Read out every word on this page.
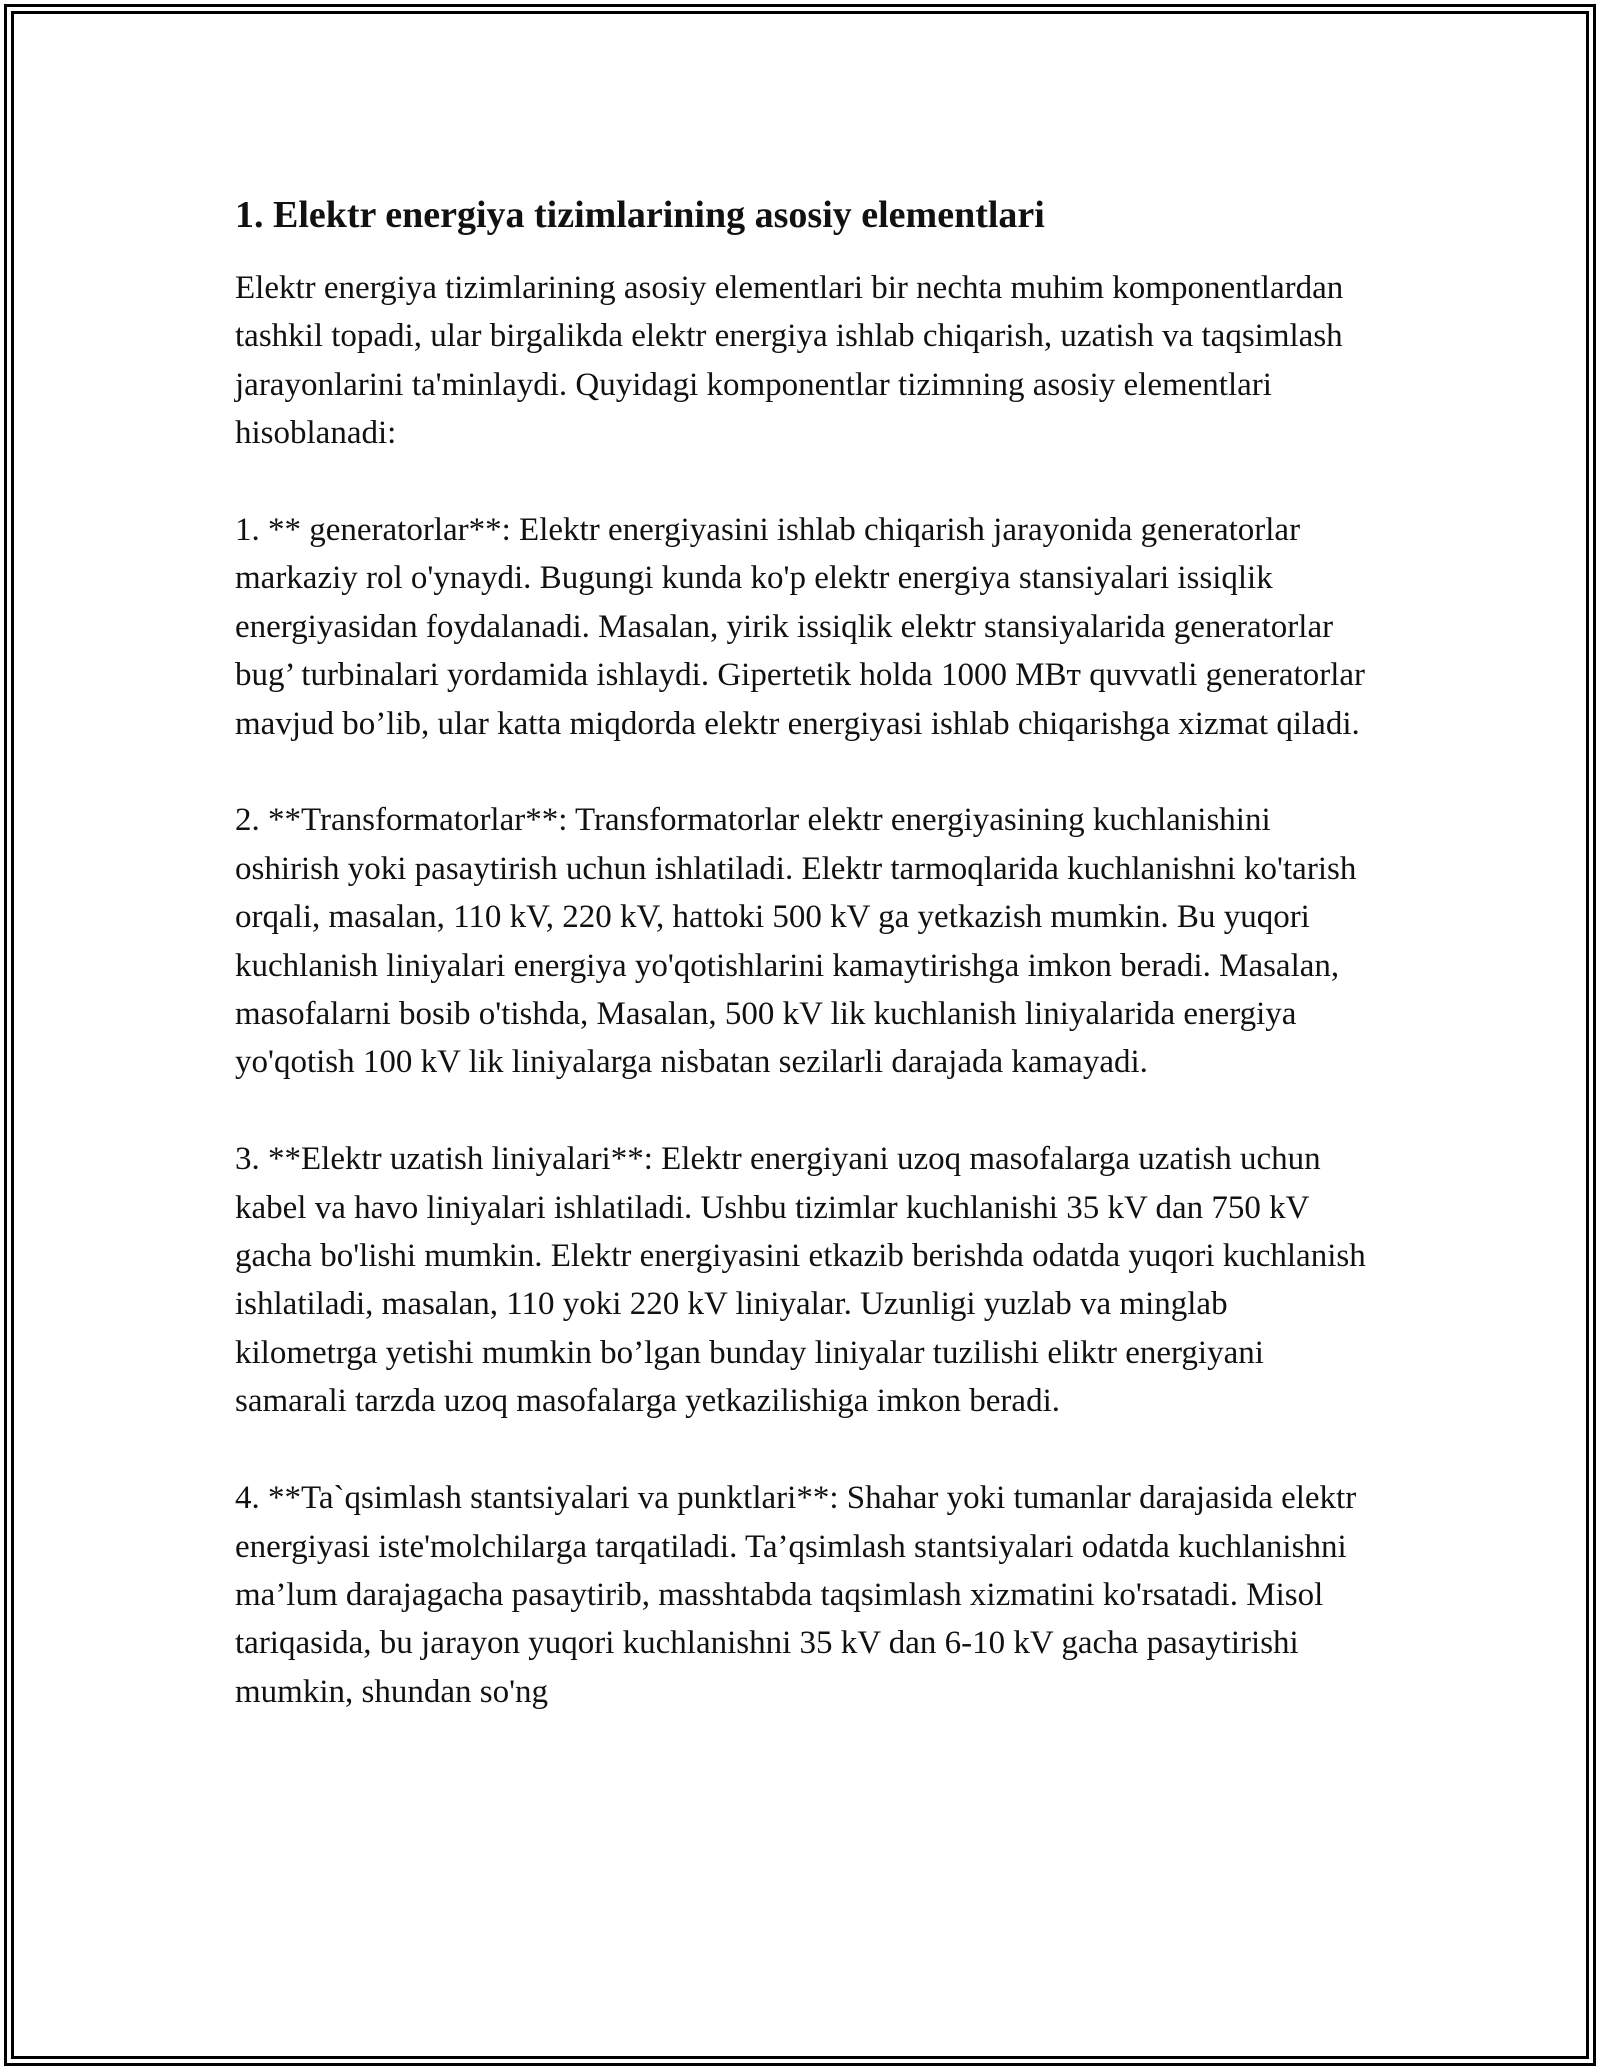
1. Elektr energiya tizimlarining asosiy elementlari

Elektr energiya tizimlarining asosiy elementlari bir nechta muhim komponentlardan tashkil topadi, ular birgalikda elektr energiya ishlab chiqarish, uzatish va taqsimlash jarayonlarini ta'minlaydi. Quyidagi komponentlar tizimning asosiy elementlari hisoblanadi:

1. ** generatorlar**: Elektr energiyasini ishlab chiqarish jarayonida generatorlar markaziy rol o'ynaydi. Bugungi kunda ko'p elektr energiya stansiyalari issiqlik energiyasidan foydalanadi. Masalan, yirik issiqlik elektr stansiyalarida generatorlar bug’ turbinalari yordamida ishlaydi. Gipertetik holda 1000 МВт quvvatli generatorlar mavjud bo’lib, ular katta miqdorda elektr energiyasi ishlab chiqarishga xizmat qiladi.

2. **Transformatorlar**: Transformatorlar elektr energiyasining kuchlanishini oshirish yoki pasaytirish uchun ishlatiladi. Elektr tarmoqlarida kuchlanishni ko'tarish orqali, masalan, 110 kV, 220 kV, hattoki 500 kV ga yetkazish mumkin. Bu yuqori kuchlanish liniyalari energiya yo'qotishlarini kamaytirishga imkon beradi. Masalan, masofalarni bosib o'tishda, Masalan, 500 kV lik kuchlanish liniyalarida energiya yo'qotish 100 kV lik liniyalarga nisbatan sezilarli darajada kamayadi.

3. **Elektr uzatish liniyalari**: Elektr energiyani uzoq masofalarga uzatish uchun kabel va havo liniyalari ishlatiladi. Ushbu tizimlar kuchlanishi 35 kV dan 750 kV gacha bo'lishi mumkin. Elektr energiyasini etkazib berishda odatda yuqori kuchlanish ishlatiladi, masalan, 110 yoki 220 kV liniyalar. Uzunligi yuzlab va minglab kilometrga yetishi mumkin bo’lgan bunday liniyalar tuzilishi eliktr energiyani samarali tarzda uzoq masofalarga yetkazilishiga imkon beradi.

4. **Ta`qsimlash stantsiyalari va punktlari**: Shahar yoki tumanlar darajasida elektr energiyasi iste'molchilarga tarqatiladi. Ta’qsimlash stantsiyalari odatda kuchlanishni ma’lum darajagacha pasaytirib, masshtabda taqsimlash xizmatini ko'rsatadi. Misol tariqasida, bu jarayon yuqori kuchlanishni 35 kV dan 6-10 kV gacha pasaytirishi mumkin, shundan so'ng
